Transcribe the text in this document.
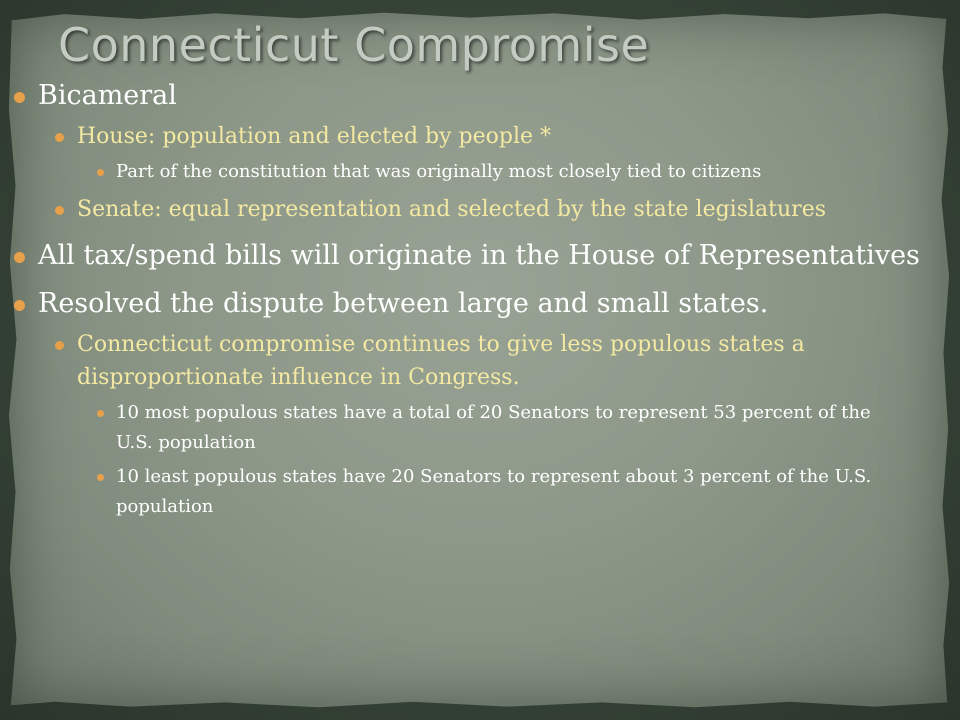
Connecticut Compromise
Bicameral
House: population and elected by people *
Part of the constitution that was originally most closely tied to citizens
Senate: equal representation and selected by the state legislatures
All tax/spend bills will originate in the House of Representatives
Resolved the dispute between large and small states.
Connecticut compromise continues to give less populous states a disproportionate influence in Congress.
10 most populous states have a total of 20 Senators to represent 53 percent of the U.S. population
10 least populous states have 20 Senators to represent about 3 percent of the U.S. population
